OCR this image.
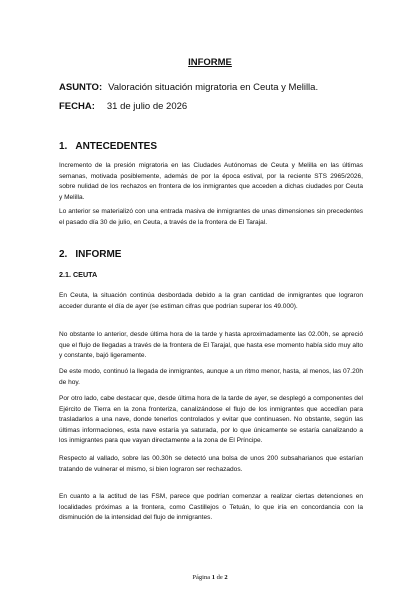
INFORME
ASUNTO: Valoración situación migratoria en Ceuta y Melilla.
FECHA: 31 de julio de 2026
1. ANTECEDENTES
Incremento de la presión migratoria en las Ciudades Autónomas de Ceuta y Melilla en las últimas semanas, motivada posiblemente, además de por la época estival, por la reciente STS 2965/2026, sobre nulidad de los rechazos en frontera de los inmigrantes que acceden a dichas ciudades por Ceuta y Melilla.
Lo anterior se materializó con una entrada masiva de inmigrantes de unas dimensiones sin precedentes el pasado día 30 de julio, en Ceuta, a través de la frontera de El Tarajal.
2. INFORME
2.1. CEUTA
En Ceuta, la situación continúa desbordada debido a la gran cantidad de inmigrantes que lograron acceder durante el día de ayer (se estiman cifras que podrían superar los 49.000).
No obstante lo anterior, desde última hora de la tarde y hasta aproximadamente las 02.00h, se apreció que el flujo de llegadas a través de la frontera de El Tarajal, que hasta ese momento había sido muy alto y constante, bajó ligeramente.
De este modo, continuó la llegada de inmigrantes, aunque a un ritmo menor, hasta, al menos, las 07.20h de hoy.
Por otro lado, cabe destacar que, desde última hora de la tarde de ayer, se desplegó a componentes del Ejército de Tierra en la zona fronteriza, canalizándose el flujo de los inmigrantes que accedían para trasladarlos a una nave, donde tenerlos controlados y evitar que continuasen. No obstante, según las últimas informaciones, esta nave estaría ya saturada, por lo que únicamente se estaría canalizando a los inmigrantes para que vayan directamente a la zona de El Príncipe.
Respecto al vallado, sobre las 00.30h se detectó una bolsa de unos 200 subsaharianos que estarían tratando de vulnerar el mismo, si bien lograron ser rechazados.
En cuanto a la actitud de las FSM, parece que podrían comenzar a realizar ciertas detenciones en localidades próximas a la frontera, como Castillejos o Tetuán, lo que iría en concordancia con la disminución de la intensidad del flujo de inmigrantes.
Página 1 de 2
